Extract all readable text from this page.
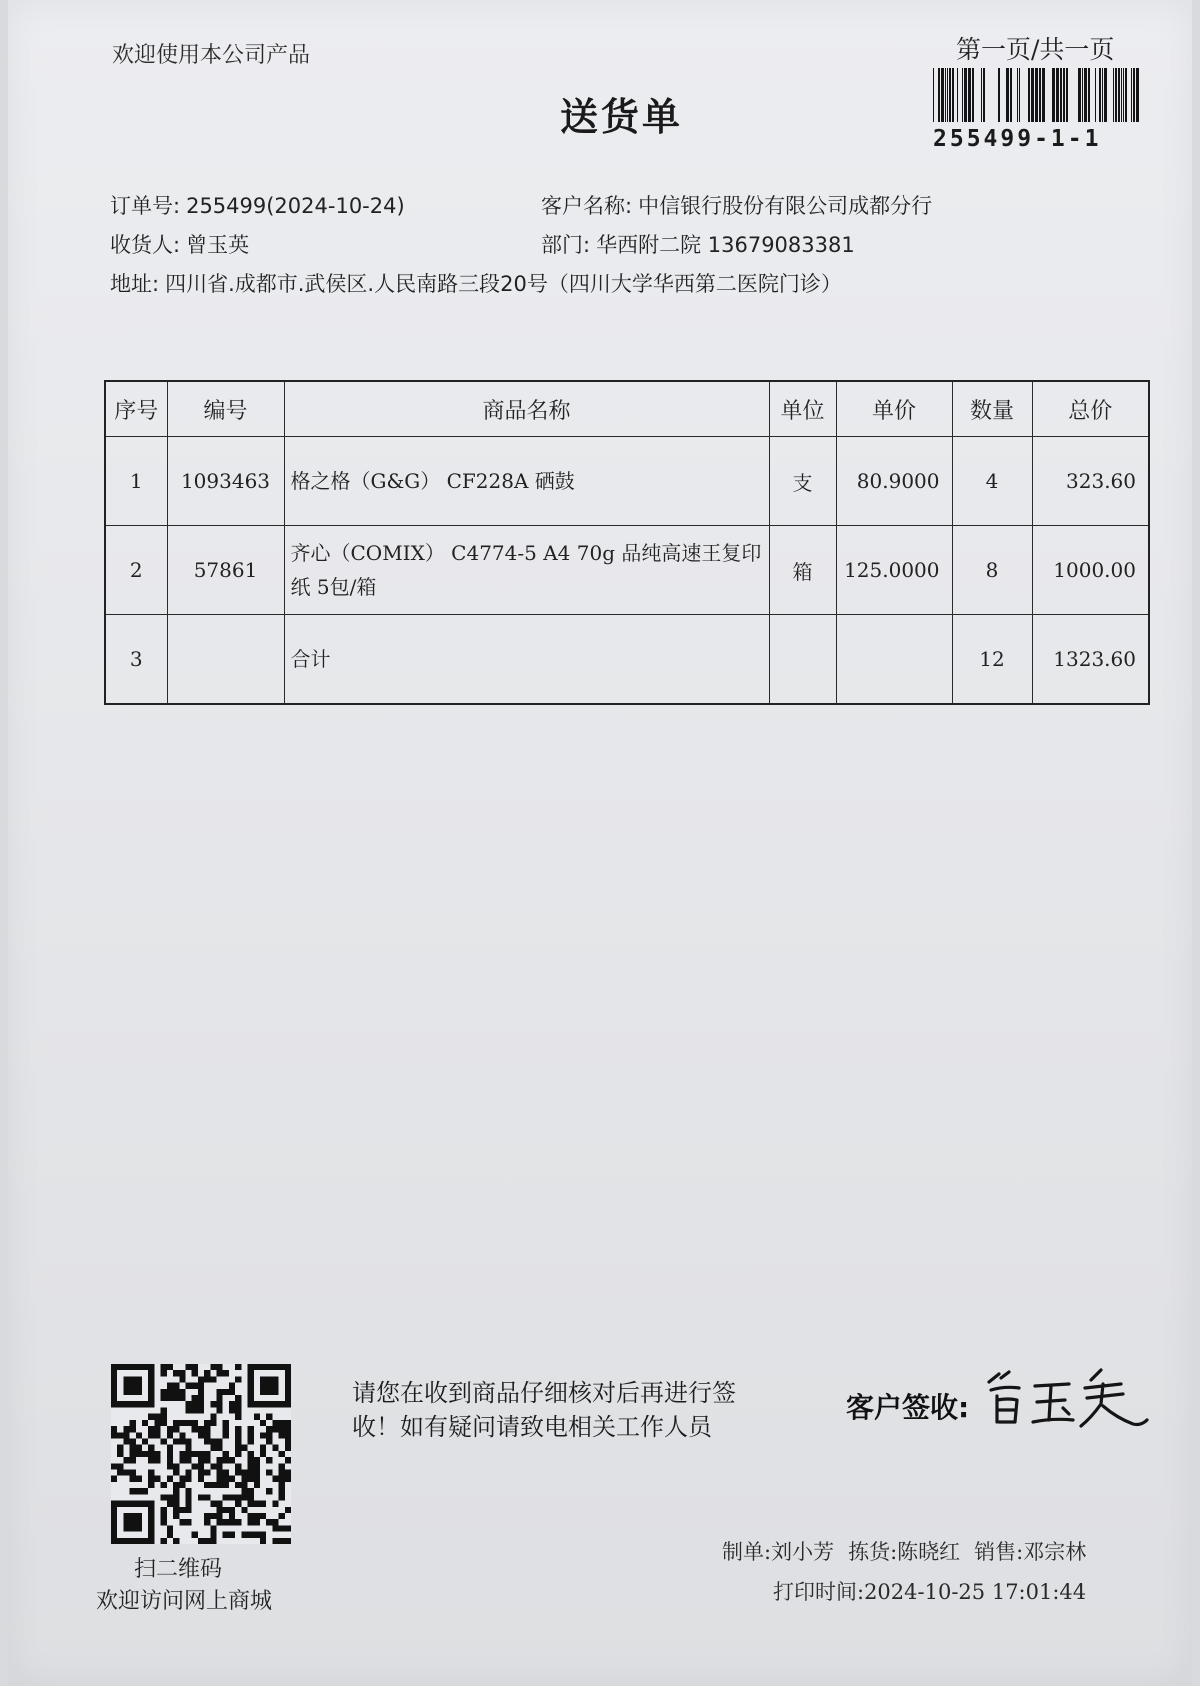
欢迎使用本公司产品	第一页/共一页
255499-1-1
送货单
订单号: 255499(2024-10-24)	客户名称: 中信银行股份有限公司成都分行
收货人: 曾玉英	部门: 华西附二院 13679083381
地址: 四川省.成都市.武侯区.人民南路三段20号（四川大学华西第二医院门诊）
序号	编号	商品名称	单位	单价	数量	总价
1	1093463	格之格（G&G） CF228A 硒鼓	支	80.9000	4	323.60
2	57861	齐心（COMIX） C4774-5 A4 70g 品纯高速王复印纸 5包/箱	箱	125.0000	8	1000.00
3		合计			12	1323.60
扫二维码
欢迎访问网上商城
请您在收到商品仔细核对后再进行签收！如有疑问请致电相关工作人员
客户签收:
制单:刘小芳 拣货:陈晓红 销售:邓宗林
打印时间:2024-10-25 17:01:44
